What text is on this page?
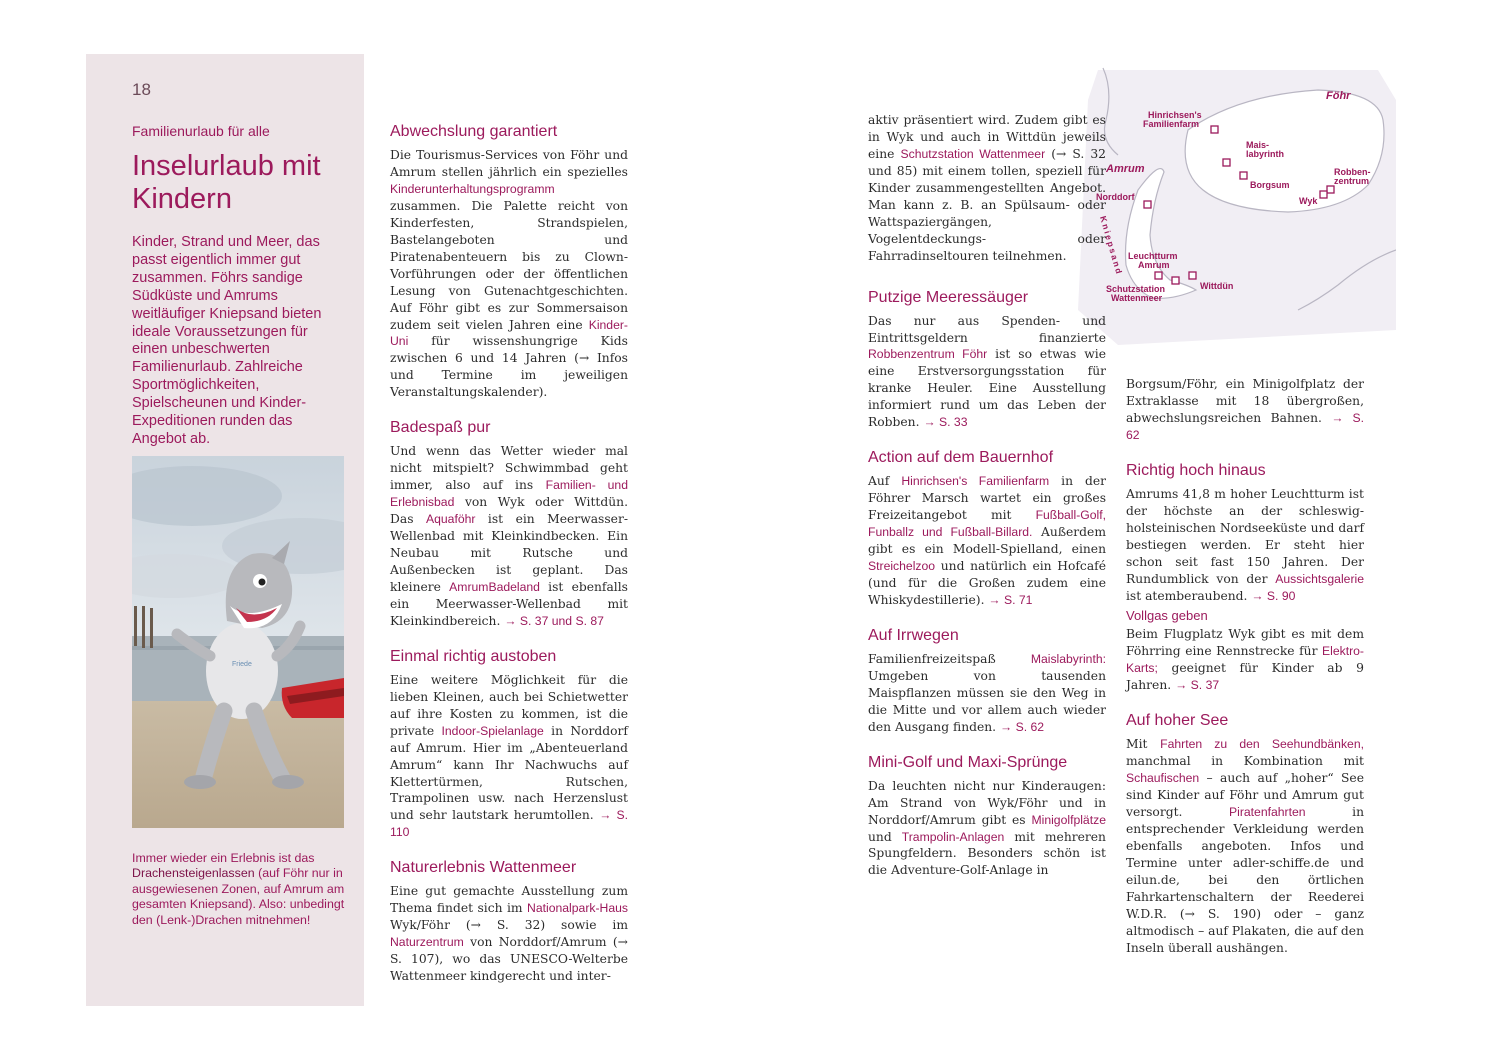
18
Familienurlaub für alle
Inselurlaub mit Kindern

Kinder, Strand und Meer, das passt eigentlich immer gut zusammen. Föhrs sandige Südküste und Amrums weitläufiger Kniepsand bieten ideale Voraussetzungen für einen unbeschwerten Familienurlaub. Zahlreiche Sportmöglichkeiten, Spielscheunen und Kinder-Expeditionen runden das Angebot ab.

Friede

Immer wieder ein Erlebnis ist das Drachensteigenlassen (auf Föhr nur in ausgewiesenen Zonen, auf Amrum am gesamten Kniepsand). Also: unbedingt den (Lenk-)Drachen mitnehmen!

Abwechslung garantiert

Die Tourismus-Services von Föhr und Amrum stellen jährlich ein spezielles Kinderunterhaltungsprogramm zusammen. Die Palette reicht von Kinderfesten, Strandspielen, Bastelangeboten und Piratenabenteuern bis zu Clown-Vorführungen oder der öffentlichen Lesung von Gutenachtgeschichten. Auf Föhr gibt es zur Sommersaison zudem seit vielen Jahren eine Kinder-Uni für wissenshungrige Kids zwischen 6 und 14 Jahren (→ Infos und Termine im jeweiligen Veranstaltungskalender).

Badespaß pur

Und wenn das Wetter wieder mal nicht mitspielt? Schwimmbad geht immer, also auf ins Familien- und Erlebnisbad von Wyk oder Wittdün. Das Aquaföhr ist ein Meerwasser-Wellenbad mit Kleinkindbecken. Ein Neubau mit Rutsche und Außenbecken ist geplant. Das kleinere AmrumBadeland ist ebenfalls ein Meerwasser-Wellenbad mit Kleinkindbereich. → S. 37 und S. 87

Einmal richtig austoben

Eine weitere Möglichkeit für die lieben Kleinen, auch bei Schietwetter auf ihre Kosten zu kommen, ist die private Indoor-Spielanlage in Norddorf auf Amrum. Hier im „Abenteuerland Amrum“ kann Ihr Nachwuchs auf Klettertürmen, Rutschen, Trampolinen usw. nach Herzenslust und sehr lautstark herumtollen. → S. 110

Naturerlebnis Wattenmeer

Eine gut gemachte Ausstellung zum Thema findet sich im Nationalpark-Haus Wyk/Föhr (→ S. 32) sowie im Naturzentrum von Norddorf/Amrum (→ S. 107), wo das UNESCO-Welterbe Wattenmeer kindgerecht und inter-

Föhr
Amrum
Kniepsand
Hinrichsen's
Familienfarm
Mais-
labyrinth
Borgsum
Robben-
zentrum
Wyk
Norddorf
Leuchtturm
Amrum
Schutzstation
Wattenmeer
Wittdün

aktiv präsentiert wird. Zudem gibt es in Wyk und auch in Wittdün jeweils eine Schutzstation Wattenmeer (→ S. 32 und 85) mit einem tollen, speziell für Kinder zusammengestellten Angebot. Man kann z. B. an Spülsaum- oder Wattspaziergängen, Vogelentdeckungs- oder Fahrradinseltouren teilnehmen.

Putzige Meeressäuger

Das nur aus Spenden- und Eintrittsgeldern finanzierte Robbenzentrum Föhr ist so etwas wie eine Erstversorgungsstation für kranke Heuler. Eine Ausstellung informiert rund um das Leben der Robben. → S. 33

Action auf dem Bauernhof

Auf Hinrichsen's Familienfarm in der Föhrer Marsch wartet ein großes Freizeitangebot mit Fußball-Golf, Funballz und Fußball-Billard. Außerdem gibt es ein Modell-Spielland, einen Streichelzoo und natürlich ein Hofcafé (und für die Großen zudem eine Whiskydestillerie). → S. 71

Auf Irrwegen

Familienfreizeitspaß	Maislabyrinth: Umgeben von tausenden Maispflanzen müssen sie den Weg in die Mitte und vor allem auch wieder den Ausgang finden. → S. 62

Mini-Golf und Maxi-Sprünge

Da leuchten nicht nur Kinderaugen: Am Strand von Wyk/Föhr und in Norddorf/Amrum gibt es Minigolfplätze und Trampolin-Anlagen mit mehreren Spungfeldern. Besonders schön ist die Adventure-Golf-Anlage in

Borgsum/Föhr, ein Minigolfplatz der Extraklasse mit 18 übergroßen, abwechslungsreichen Bahnen. → S. 62

Richtig hoch hinaus

Amrums 41,8 m hoher Leuchtturm ist der höchste an der schleswig-holsteinischen Nordseeküste und darf bestiegen werden. Er steht hier schon seit fast 150 Jahren. Der Rundumblick von der Aussichtsgalerie ist atemberaubend. → S. 90

Vollgas geben

Beim Flugplatz Wyk gibt es mit dem Föhrring eine Rennstrecke für Elektro-Karts; geeignet für Kinder ab 9 Jahren. → S. 37

Auf hoher See

Mit Fahrten zu den Seehundbänken, manchmal in Kombination mit Schaufischen – auch auf „hoher“ See sind Kinder auf Föhr und Amrum gut versorgt.	Piratenfahrten	in entsprechender Verkleidung werden ebenfalls angeboten. Infos und Termine unter adler-schiffe.de und eilun.de, bei den örtlichen Fahrkartenschaltern der Reederei W.D.R. (→ S. 190) oder – ganz altmodisch – auf Plakaten, die auf den Inseln überall aushängen.
